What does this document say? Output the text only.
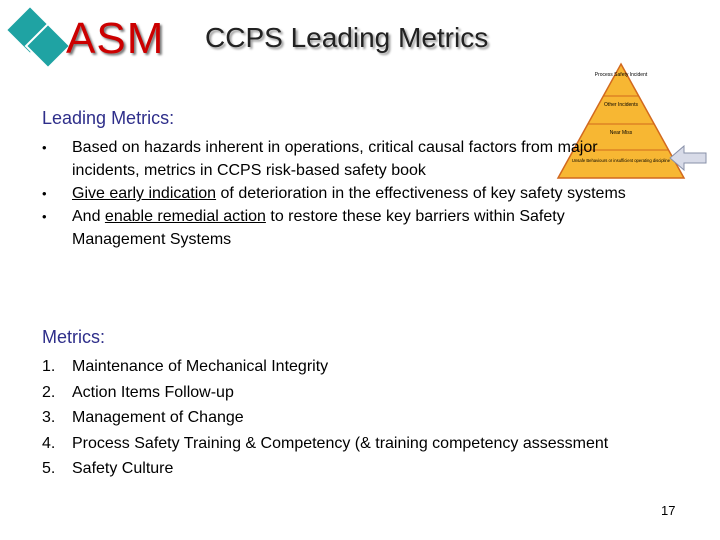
ASM CCPS Leading Metrics
Process Safety Incident
Other Incidents
Near Miss
Unsafe Behaviours or insufficient operating discipline
Leading Metrics:
•	Based on hazards inherent in operations, critical causal factors from major incidents, metrics in CCPS risk-based safety book
•	Give early indication of deterioration in the effectiveness of key safety systems
•	And enable remedial action to restore these key barriers within Safety Management Systems
Metrics:
1.	Maintenance of Mechanical Integrity
2.	Action Items Follow-up
3.	Management of Change
4.	Process Safety Training & Competency (& training competency assessment
5.	Safety Culture
17
